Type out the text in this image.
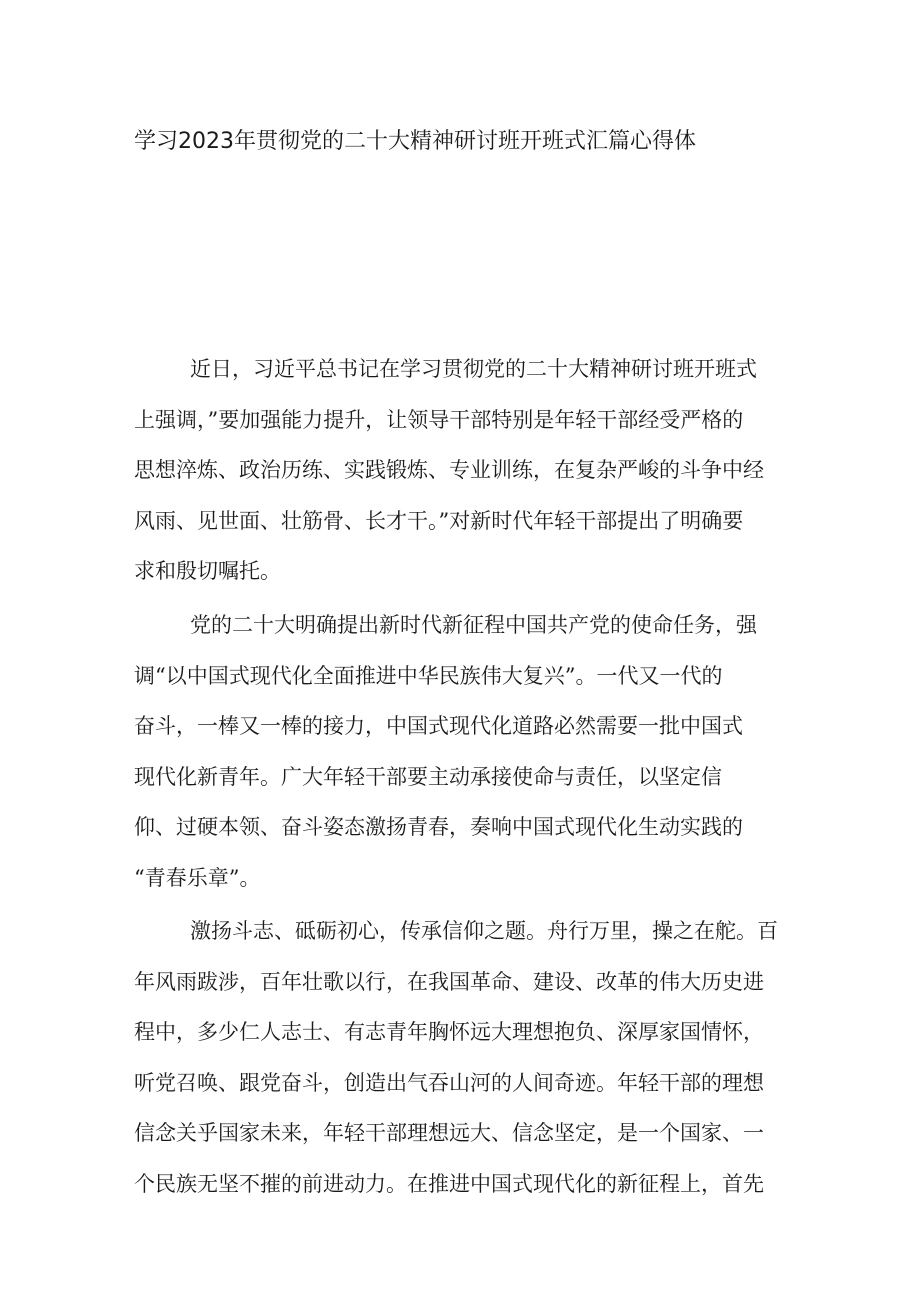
学习2023年贯彻党的二十大精神研讨班开班式汇篇心得体
近日，习近平总书记在学习贯彻党的二十大精神研讨班开班式
上强调，”要加强能力提升，让领导干部特别是年轻干部经受严格的
思想淬炼、政治历练、实践锻炼、专业训练，在复杂严峻的斗争中经
风雨、见世面、壮筋骨、长才干。”对新时代年轻干部提出了明确要
求和殷切嘱托。
党的二十大明确提出新时代新征程中国共产党的使命任务，强
调“以中国式现代化全面推进中华民族伟大复兴”。一代又一代的
奋斗，一棒又一棒的接力，中国式现代化道路必然需要一批中国式
现代化新青年。广大年轻干部要主动承接使命与责任，以坚定信
仰、过硬本领、奋斗姿态激扬青春，奏响中国式现代化生动实践的
“青春乐章”。
激扬斗志、砥砺初心，传承信仰之题。舟行万里，操之在舵。百
年风雨跋涉，百年壮歌以行，在我国革命、建设、改革的伟大历史进
程中，多少仁人志士、有志青年胸怀远大理想抱负、深厚家国情怀，
听党召唤、跟党奋斗，创造出气吞山河的人间奇迹。年轻干部的理想
信念关乎国家未来，年轻干部理想远大、信念坚定，是一个国家、一
个民族无坚不摧的前进动力。在推进中国式现代化的新征程上，首先
